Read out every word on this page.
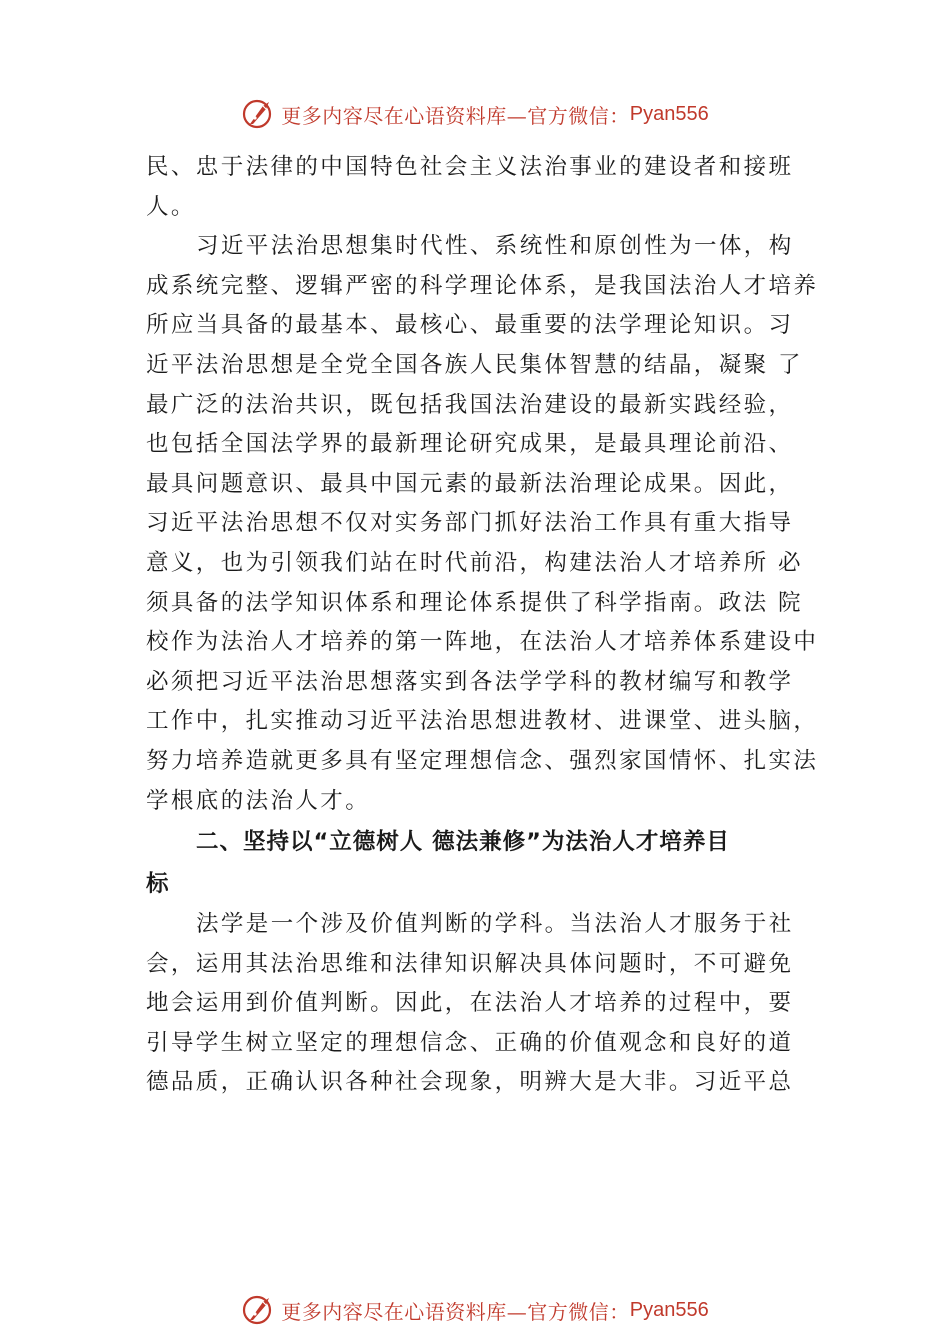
更多内容尽在心语资料库—官方微信： Pyan556
民、忠于法律的中国特色社会主义法治事业的建设者和接班
人。
习近平法治思想集时代性、系统性和原创性为一体，构
成系统完整、逻辑严密的科学理论体系，是我国法治人才培养
所应当具备的最基本、最核心、最重要的法学理论知识。习
近平法治思想是全党全国各族人民集体智慧的结晶，凝聚 了
最广泛的法治共识，既包括我国法治建设的最新实践经验，
也包括全国法学界的最新理论研究成果，是最具理论前沿、
最具问题意识、最具中国元素的最新法治理论成果。因此，
习近平法治思想不仅对实务部门抓好法治工作具有重大指导
意义，也为引领我们站在时代前沿，构建法治人才培养所 必
须具备的法学知识体系和理论体系提供了科学指南。政法 院
校作为法治人才培养的第一阵地，在法治人才培养体系建设中
必须把习近平法治思想落实到各法学学科的教材编写和教学
工作中，扎实推动习近平法治思想进教材、进课堂、进头脑，
努力培养造就更多具有坚定理想信念、强烈家国情怀、扎实法
学根底的法治人才。
二、坚持以“立德树人 德法兼修”为法治人才培养目
标
法学是一个涉及价值判断的学科。当法治人才服务于社
会，运用其法治思维和法律知识解决具体问题时，不可避免
地会运用到价值判断。因此，在法治人才培养的过程中，要
引导学生树立坚定的理想信念、正确的价值观念和良好的道
德品质，正确认识各种社会现象，明辨大是大非。习近平总
更多内容尽在心语资料库—官方微信： Pyan556
